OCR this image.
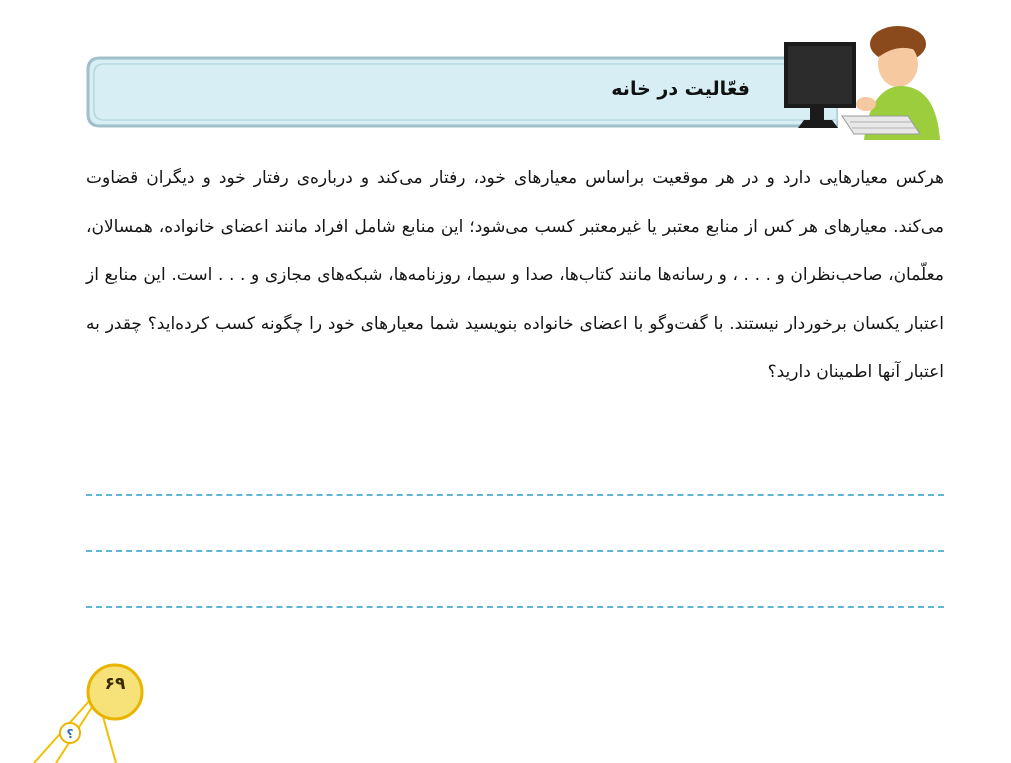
فعّالیت در خانه

هرکس معیارهایی دارد و در هر موقعیت براساس معیارهای خود، رفتار می‌کند و درباره‌ی رفتار خود و دیگران قضاوت می‌کند. معیارهای هر کس از منابع معتبر یا غیرمعتبر کسب می‌شود؛ این منابع شامل افراد مانند اعضای خانواده، همسالان، معلّمان، صاحب‌نظران و . . . ، و رسانه‌ها مانند کتاب‌ها، صدا و سیما، روزنامه‌ها، شبکه‌های مجازی و . . . است. این منابع از اعتبار یکسان برخوردار نیستند. با گفت‌وگو با اعضای خانواده بنویسید شما معیارهای خود را چگونه کسب کرده‌اید؟ چقدر به اعتبار آنها اطمینان دارید؟

؟
۶۹
